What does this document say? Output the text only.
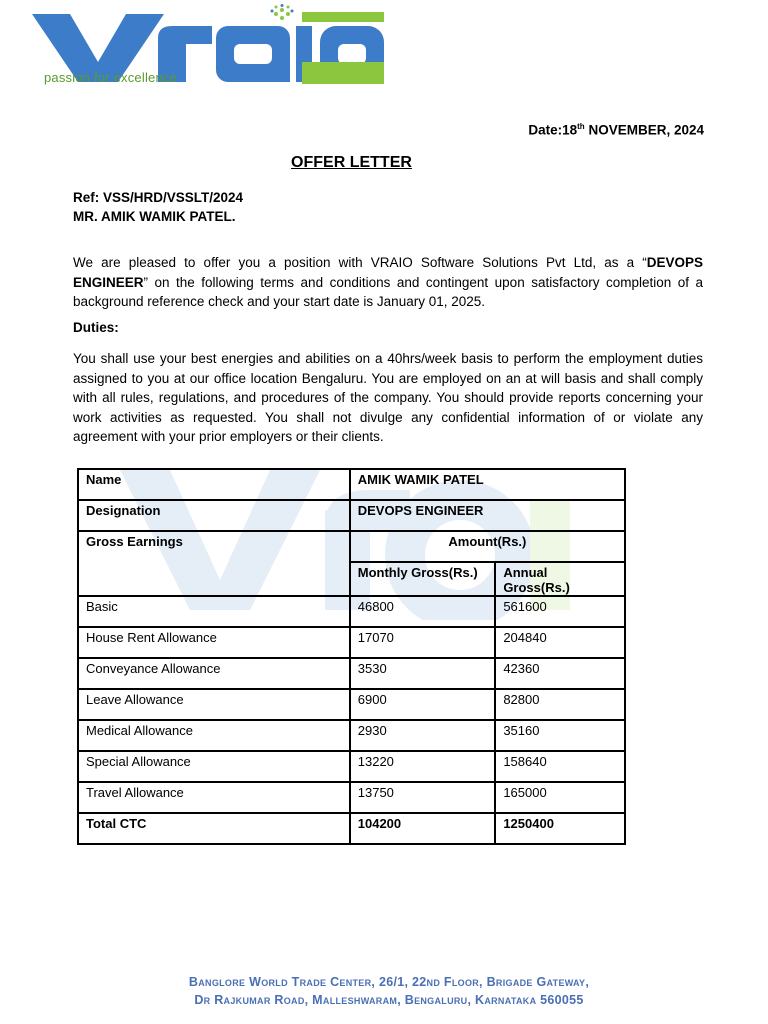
passion for excellence
Date:18th NOVEMBER, 2024
OFFER LETTER
Ref: VSS/HRD/VSSLT/2024
MR. AMIK WAMIK PATEL.
We are pleased to offer you a position with VRAIO Software Solutions Pvt Ltd, as a “DEVOPS ENGINEER” on the following terms and conditions and contingent upon satisfactory completion of a background reference check and your start date is January 01, 2025.
Duties:
You shall use your best energies and abilities on a 40hrs/week basis to perform the employment duties assigned to you at our office location Bengaluru. You are employed on an at will basis and shall comply with all rules, regulations, and procedures of the company. You should provide reports concerning your work activities as requested. You shall not divulge any confidential information of or violate any agreement with your prior employers or their clients.
Name	AMIK WAMIK PATEL	
Designation	DEVOPS ENGINEER	
Gross Earnings	Amount(Rs.)	
	Monthly Gross(Rs.)	Annual Gross(Rs.)
Basic	46800	561600
House Rent Allowance	17070	204840
Conveyance Allowance	3530	42360
Leave Allowance	6900	82800
Medical Allowance	2930	35160
Special Allowance	13220	158640
Travel Allowance	13750	165000
Total CTC	104200	1250400
Banglore World Trade Center, 26/1, 22nd Floor, Brigade Gateway,
Dr Rajkumar Road, Malleshwaram, Bengaluru, Karnataka 560055
